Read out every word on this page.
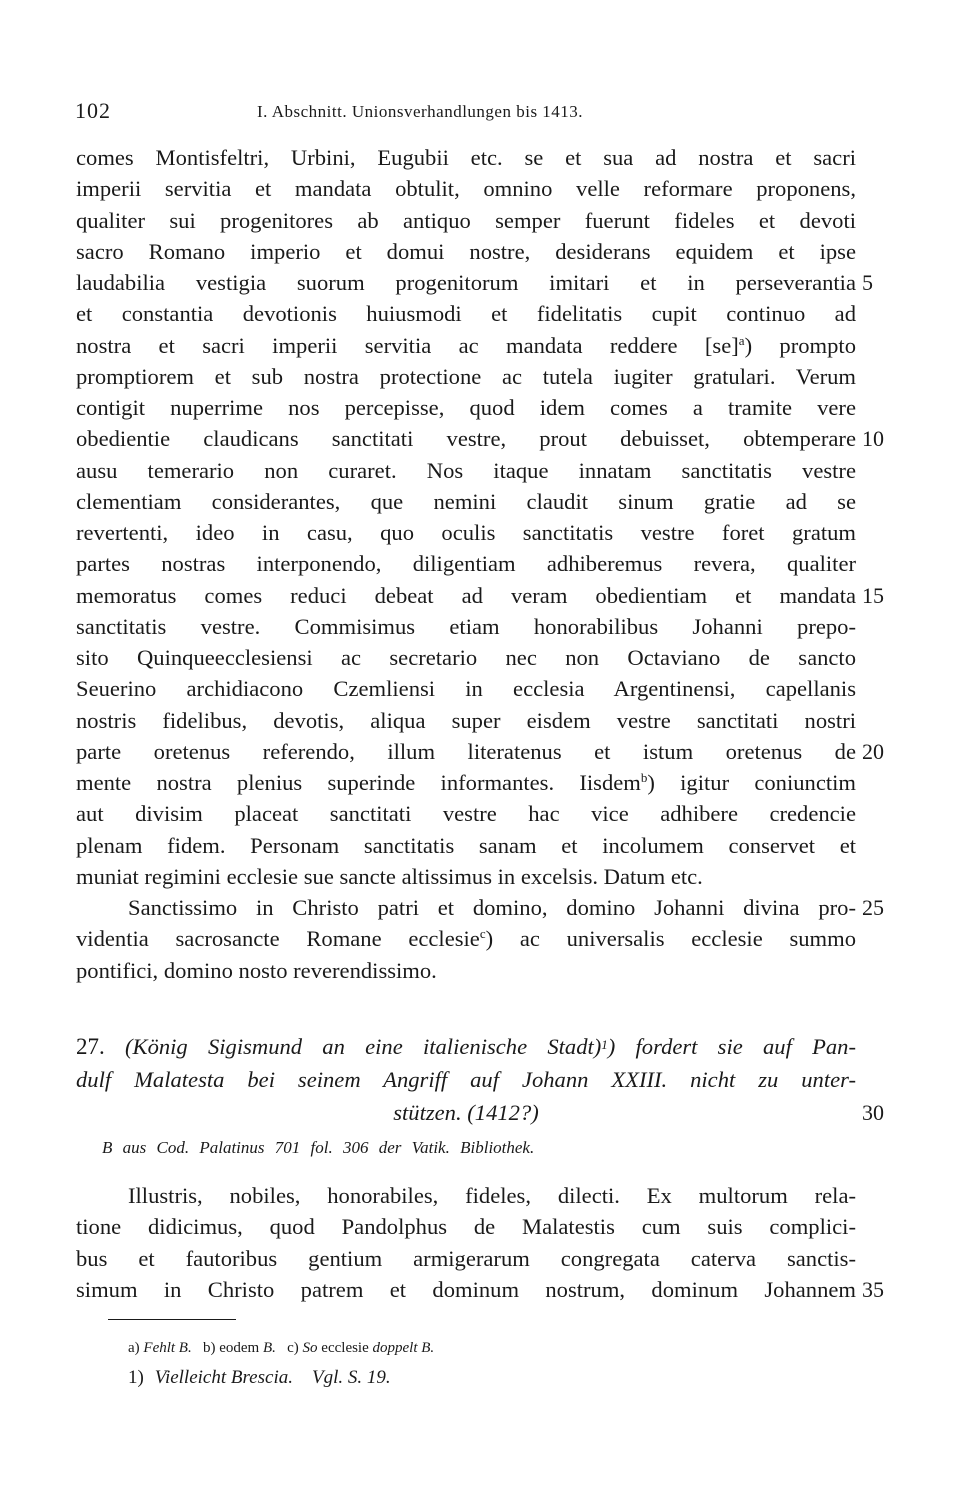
102	I. Abschnitt. Unionsverhandlungen bis 1413.
comes Montisfeltri, Urbini, Eugubii etc. se et sua ad nostra et sacri
imperii servitia et mandata obtulit, omnino velle reformare proponens,
qualiter sui progenitores ab antiquo semper fuerunt fideles et devoti
sacro Romano imperio et domui nostre, desiderans equidem et ipse
laudabilia vestigia suorum progenitorum imitari et in perseverantia 5
et constantia devotionis huiusmodi et fidelitatis cupit continuo ad
nostra et sacri imperii servitia ac mandata reddere [se]$^a$) prompto
promptiorem et sub nostra protectione ac tutela iugiter gratulari. Verum
contigit nuperrime nos percepisse, quod idem comes a tramite vere
obedientie claudicans sanctitati vestre, prout debuisset, obtemperare 10
ausu temerario non curaret. Nos itaque innatam sanctitatis vestre
clementiam considerantes, que nemini claudit sinum gratie ad se
revertenti, ideo in casu, quo oculis sanctitatis vestre foret gratum
partes nostras interponendo, diligentiam adhiberemus revera, qualiter
memoratus comes reduci debeat ad veram obedientiam et mandata 15
sanctitatis vestre. Commisimus etiam honorabilibus Johanni prepo-
sito Quinqueecclesiensi ac secretario nec non Octaviano de sancto
Seuerino archidiacono Czemliensi in ecclesia Argentinensi, capellanis
nostris fidelibus, devotis, aliqua super eisdem vestre sanctitati nostri
parte oretenus referendo, illum literatenus et istum oretenus de 20
mente nostra plenius superinde informantes. Iisdem$^b$) igitur coniunctim
aut divisim placeat sanctitati vestre hac vice adhibere credencie
plenam fidem. Personam sanctitatis sanam et incolumem conservet et
muniat regimini ecclesie sue sancte altissimus in excelsis. Datum etc.
Sanctissimo in Christo patri et domino, domino Johanni divina pro- 25
videntia sacrosancte Romane ecclesie$^c$) ac universalis ecclesie summo
pontifici, domino nosto reverendissimo.
27. (König Sigismund an eine italienische Stadt)$^1$) fordert sie auf Pan-
dulf Malatesta bei seinem Angriff auf Johann XXIII. nicht zu unter-
stützen. (1412?)	30
B aus Cod. Palatinus 701 fol. 306 der Vatik. Bibliothek.
Illustris, nobiles, honorabiles, fideles, dilecti. Ex multorum rela-
tione didicimus, quod Pandolphus de Malatestis cum suis complici-
bus et fautoribus gentium armigerarum congregata caterva sanctis-
simum in Christo patrem et dominum nostrum, dominum Johannem 35
a) Fehlt B. b) eodem B. c) So ecclesie doppelt B.
1) Vielleicht Brescia. Vgl. S. 19.
